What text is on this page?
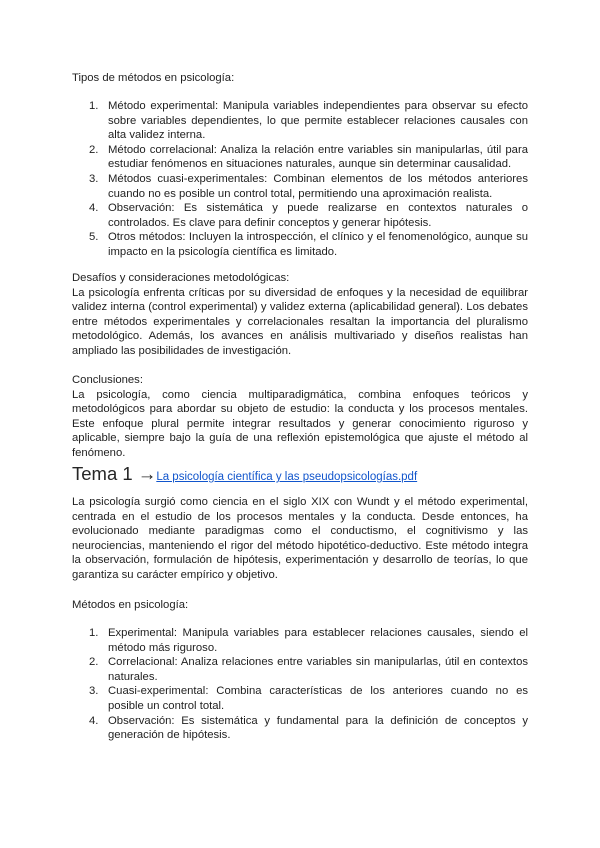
Tipos de métodos en psicología:

1. Método experimental: Manipula variables independientes para observar su efecto sobre variables dependientes, lo que permite establecer relaciones causales con alta validez interna.
2. Método correlacional: Analiza la relación entre variables sin manipularlas, útil para estudiar fenómenos en situaciones naturales, aunque sin determinar causalidad.
3. Métodos cuasi-experimentales: Combinan elementos de los métodos anteriores cuando no es posible un control total, permitiendo una aproximación realista.
4. Observación: Es sistemática y puede realizarse en contextos naturales o controlados. Es clave para definir conceptos y generar hipótesis.
5. Otros métodos: Incluyen la introspección, el clínico y el fenomenológico, aunque su impacto en la psicología científica es limitado.

Desafíos y consideraciones metodológicas:

La psicología enfrenta críticas por su diversidad de enfoques y la necesidad de equilibrar validez interna (control experimental) y validez externa (aplicabilidad general). Los debates entre métodos experimentales y correlacionales resaltan la importancia del pluralismo metodológico. Además, los avances en análisis multivariado y diseños realistas han ampliado las posibilidades de investigación.

Conclusiones:

La psicología, como ciencia multiparadigmática, combina enfoques teóricos y metodológicos para abordar su objeto de estudio: la conducta y los procesos mentales. Este enfoque plural permite integrar resultados y generar conocimiento riguroso y aplicable, siempre bajo la guía de una reflexión epistemológica que ajuste el método al fenómeno.

Tema 1 →La psicología científica y las pseudopsicologías.pdf

La psicología surgió como ciencia en el siglo XIX con Wundt y el método experimental, centrada en el estudio de los procesos mentales y la conducta. Desde entonces, ha evolucionado mediante paradigmas como el conductismo, el cognitivismo y las neurociencias, manteniendo el rigor del método hipotético-deductivo. Este método integra la observación, formulación de hipótesis, experimentación y desarrollo de teorías, lo que garantiza su carácter empírico y objetivo.

Métodos en psicología:

1. Experimental: Manipula variables para establecer relaciones causales, siendo el método más riguroso.
2. Correlacional: Analiza relaciones entre variables sin manipularlas, útil en contextos naturales.
3. Cuasi-experimental: Combina características de los anteriores cuando no es posible un control total.
4. Observación: Es sistemática y fundamental para la definición de conceptos y generación de hipótesis.
